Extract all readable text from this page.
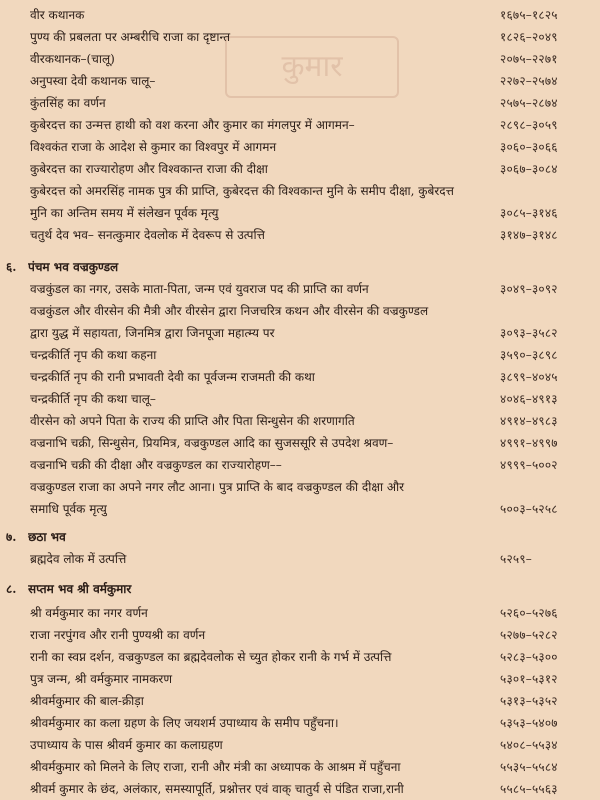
कुमार
वीर कथानक	१६७५–१८२५
पुण्य की प्रबलता पर अम्बरीचि राजा का दृष्टान्त	१८२६–२०४९
वीरकथानक–(चालू)	२०७५–२२७१
अनुपस्वा देवी कथानक चालू–	२२७२–२५७४
कुंतसिंह का वर्णन	२५७५–२८७४
कुबेरदत्त का उन्मत्त हाथी को वश करना और कुमार का मंगलपुर में आगमन–	२८९८–३०५९
विश्वकंत राजा के आदेश से कुमार का विश्वपुर में आगमन	३०६०–३०६६
कुबेरदत्त का राज्यारोहण और विश्वकान्त राजा की दीक्षा	३०६७–३०८४
कुबेरदत्त को अमरसिंह नामक पुत्र की प्राप्ति, कुबेरदत्त की विश्वकान्त मुनि के समीप दीक्षा, कुबेरदत्त
मुनि का अन्तिम समय में संलेखन पूर्वक मृत्यु	३०८५–३१४६
चतुर्थ देव भव– सनत्कुमार देवलोक में देवरूप से उत्पत्ति	३१४७–३१४८
६. पंचम भव वज्रकुण्डल
वज्रकुंडल का नगर, उसके माता-पिता, जन्म एवं युवराज पद की प्राप्ति का वर्णन	३०४९–३०९२
वज्रकुंडल और वीरसेन की मैत्री और वीरसेन द्वारा निजचरित्र कथन और वीरसेन की वज्रकुण्डल
द्वारा युद्ध में सहायता, जिनमित्र द्वारा जिनपूजा महात्म्य पर	३०९३–३५८२
चन्द्रकीर्ति नृप की कथा कहना	३५९०–३८९८
चन्द्रकीर्ति नृप की रानी प्रभावती देवी का पूर्वजन्म राजमती की कथा	३८९९–४०४५
चन्द्रकीर्ति नृप की कथा चालू–	४०४६–४९१३
वीरसेन को अपने पिता के राज्य की प्राप्ति और पिता सिन्धुसेन की शरणागति	४९१४–४९८३
वज्रनाभि चक्री, सिन्धुसेन, प्रियमित्र, वज्रकुण्डल आदि का सुजससूरि से उपदेश श्रवण–	४९९१–४९९७
वज्रनाभि चक्री की दीक्षा और वज्रकुण्डल का राज्यारोहण––	४९९९–५००२
वज्रकुण्डल राजा का अपने नगर लौट आना। पुत्र प्राप्ति के बाद वज्रकुण्डल की दीक्षा और
समाधि पूर्वक मृत्यु	५००३–५२५८
७. छठा भव
ब्रह्मदेव लोक में उत्पत्ति	५२५९–
८. सप्तम भव श्री वर्मकुमार
श्री वर्मकुमार का नगर वर्णन	५२६०–५२७६
राजा नरपुंगव और रानी पुण्यश्री का वर्णन	५२७७–५२८२
रानी का स्वप्न दर्शन, वज्रकुण्डल का ब्रह्मदेवलोक से च्युत होकर रानी के गर्भ में उत्पत्ति	५२८३–५३००
पुत्र जन्म, श्री वर्मकुमार नामकरण	५३०१–५३१२
श्रीवर्मकुमार की बाल-क्रीड़ा	५३१३–५३५२
श्रीवर्मकुमार का कला ग्रहण के लिए जयशर्म उपाध्याय के समीप पहुँचना।	५३५३–५४०७
उपाध्याय के पास श्रीवर्म कुमार का कलाग्रहण	५४०८–५५३४
श्रीवर्मकुमार को मिलने के लिए राजा, रानी और मंत्री का अध्यापक के आश्रम में पहुँचना	५५३५–५५८४
श्रीवर्म कुमार के छंद, अलंकार, समस्यापूर्ति, प्रश्नोत्तर एवं वाक् चातुर्य से पंडित राजा,रानी	५५८५–५५६३
